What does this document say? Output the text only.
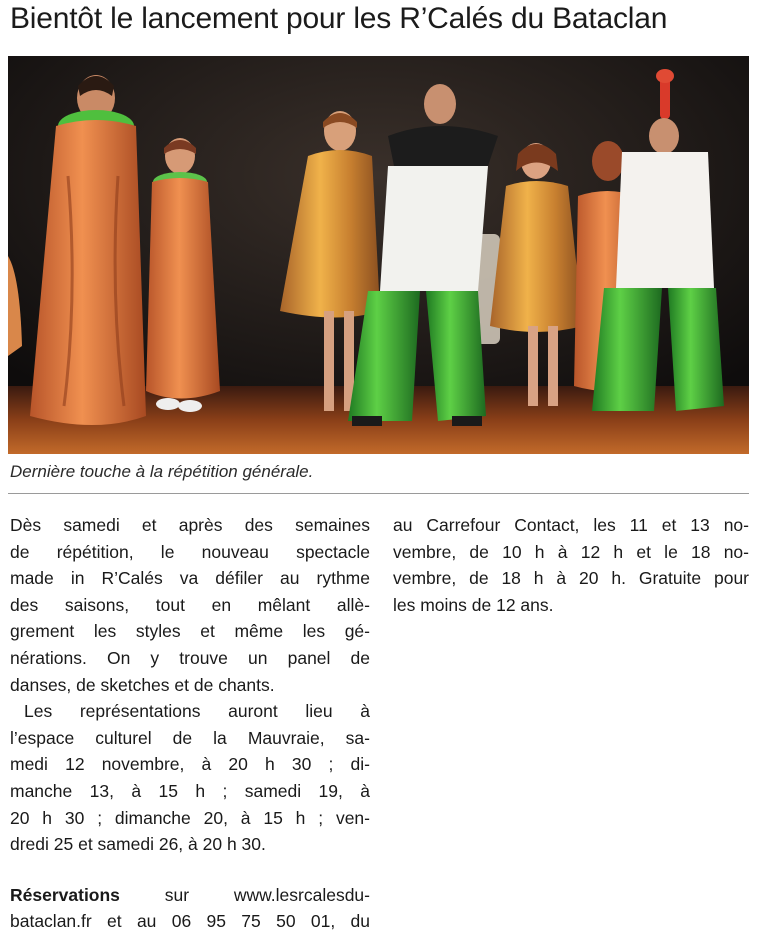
Bientôt le lancement pour les R’Calés du Bataclan

Dernière touche à la répétition générale.

Dès samedi et après des semaines
de répétition, le nouveau spectacle
made in R’Calés va défiler au rythme
des saisons, tout en mêlant allè-
grement les styles et même les gé-
nérations. On y trouve un panel de
danses, de sketches et de chants.

Les représentations auront lieu à

l’espace culturel de la Mauvraie, sa-
medi 12 novembre, à 20 h 30 ; di-
manche 13, à 15 h ; samedi 19, à
20 h 30 ; dimanche 20, à 15 h ; ven-
dredi 25 et samedi 26, à 20 h 30.

Réservations sur www.lesrcalesdu-
bataclan.fr et au 06 95 75 50 01, du

au Carrefour Contact, les 11 et 13 no-
vembre, de 10 h à 12 h et le 18 no-
vembre, de 18 h à 20 h. Gratuite pour
les moins de 12 ans.
